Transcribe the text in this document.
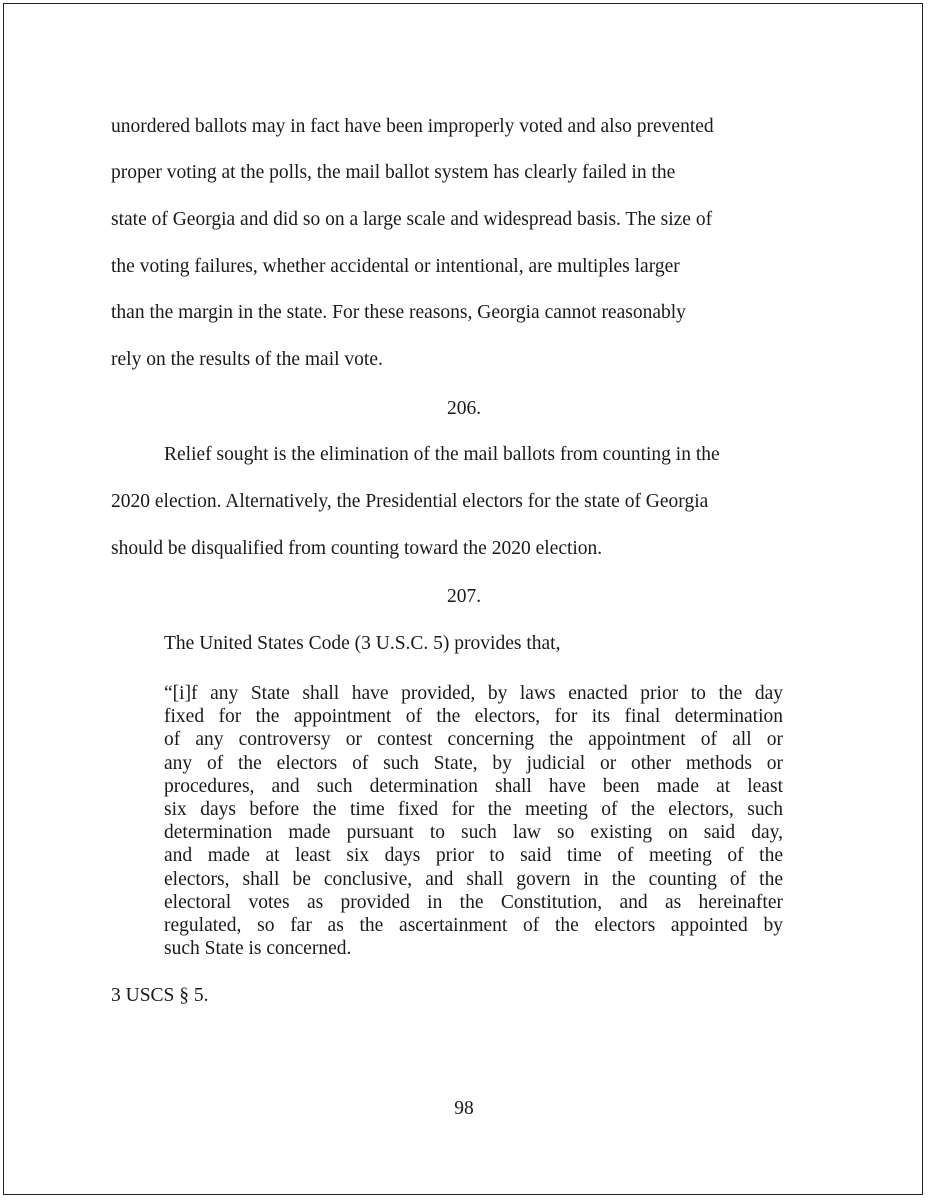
unordered ballots may in fact have been improperly voted and also prevented
proper voting at the polls, the mail ballot system has clearly failed in the
state of Georgia and did so on a large scale and widespread basis. The size of
the voting failures, whether accidental or intentional, are multiples larger
than the margin in the state. For these reasons, Georgia cannot reasonably
rely on the results of the mail vote.
206.
Relief sought is the elimination of the mail ballots from counting in the
2020 election. Alternatively, the Presidential electors for the state of Georgia
should be disqualified from counting toward the 2020 election.
207.
The United States Code (3 U.S.C. 5) provides that,
“[i]f any State shall have provided, by laws enacted prior to the day
fixed for the appointment of the electors, for its final determination
of any controversy or contest concerning the appointment of all or
any of the electors of such State, by judicial or other methods or
procedures, and such determination shall have been made at least
six days before the time fixed for the meeting of the electors, such
determination made pursuant to such law so existing on said day,
and made at least six days prior to said time of meeting of the
electors, shall be conclusive, and shall govern in the counting of the
electoral votes as provided in the Constitution, and as hereinafter
regulated, so far as the ascertainment of the electors appointed by
such State is concerned.
3 USCS § 5.
98
